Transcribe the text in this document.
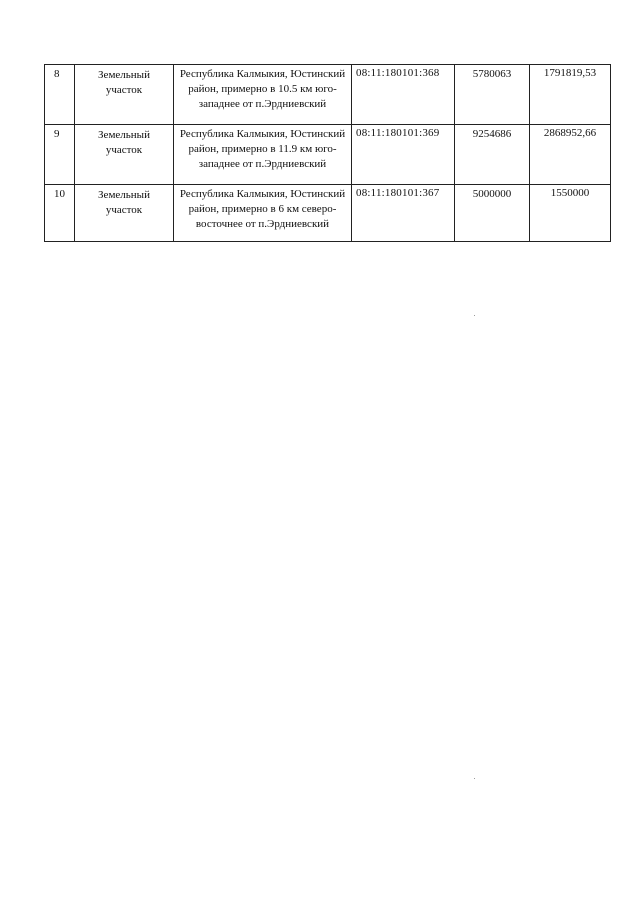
8	Земельный участок	Республика Калмыкия, Юстинский район, примерно в 10.5 км юго-западнее от п.Эрдниевский	08:11:180101:368	5780063	1791819,53

9	Земельный участок	Республика Калмыкия, Юстинский район, примерно в 11.9 км юго-западнее от п.Эрдниевский	08:11:180101:369	9254686	2868952,66

10	Земельный участок	Республика Калмыкия, Юстинский район, примерно в 6 км северо-восточнее от п.Эрдниевский	08:11:180101:367	5000000	1550000
